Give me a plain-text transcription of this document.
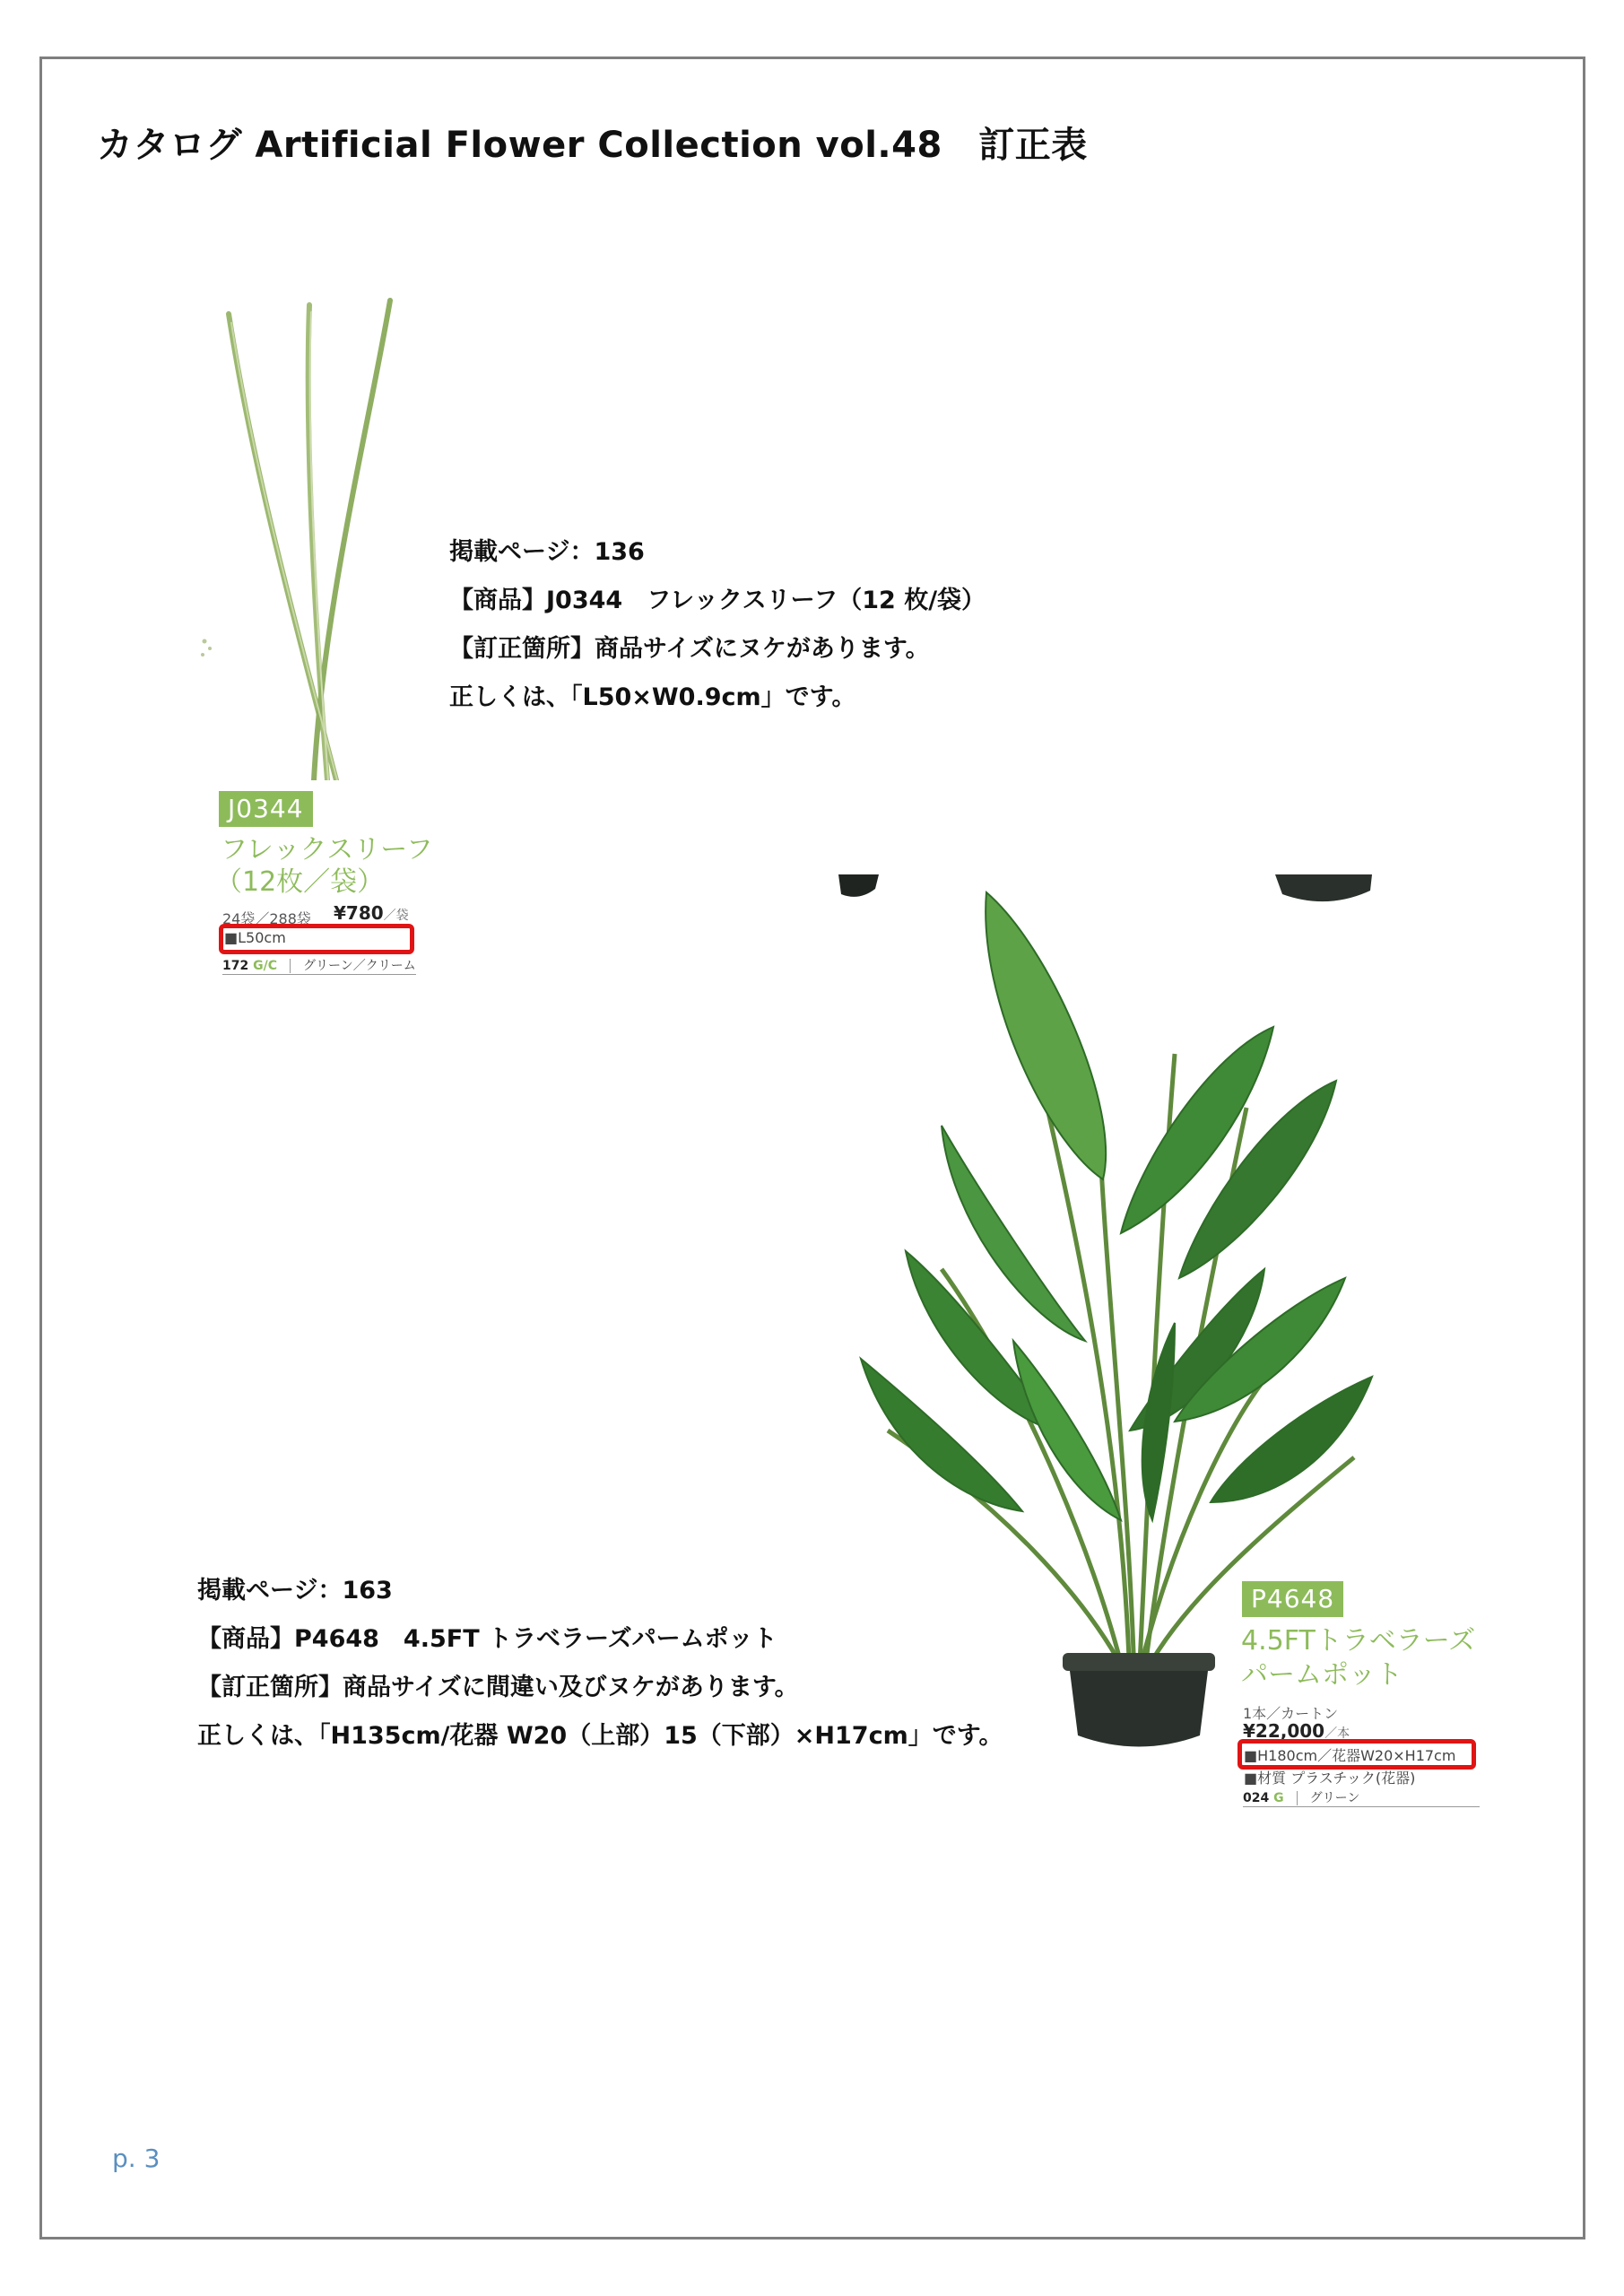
カタログ Artificial Flower Collection vol.48　訂正表
J0344
フレックスリーフ
（12枚／袋）
24袋／288袋 ¥780／袋
■L50cm
172 G/C グリーン／クリーム
掲載ページ：136
【商品】J0344　フレックスリーフ（12 枚/袋）
【訂正箇所】商品サイズにヌケがあります。
正しくは、「L50×W0.9cm」です。
P4648
4.5FTトラベラーズ
パームポット
1本／カートン
¥22,000／本
■H180cm／花器W20×H17cm
■材質 プラスチック(花器)
024 G グリーン
掲載ページ：163
【商品】P4648　4.5FT トラベラーズパームポット
【訂正箇所】商品サイズに間違い及びヌケがあります。
正しくは、「H135cm/花器 W20（上部）15（下部）×H17cm」です。
p. 3
